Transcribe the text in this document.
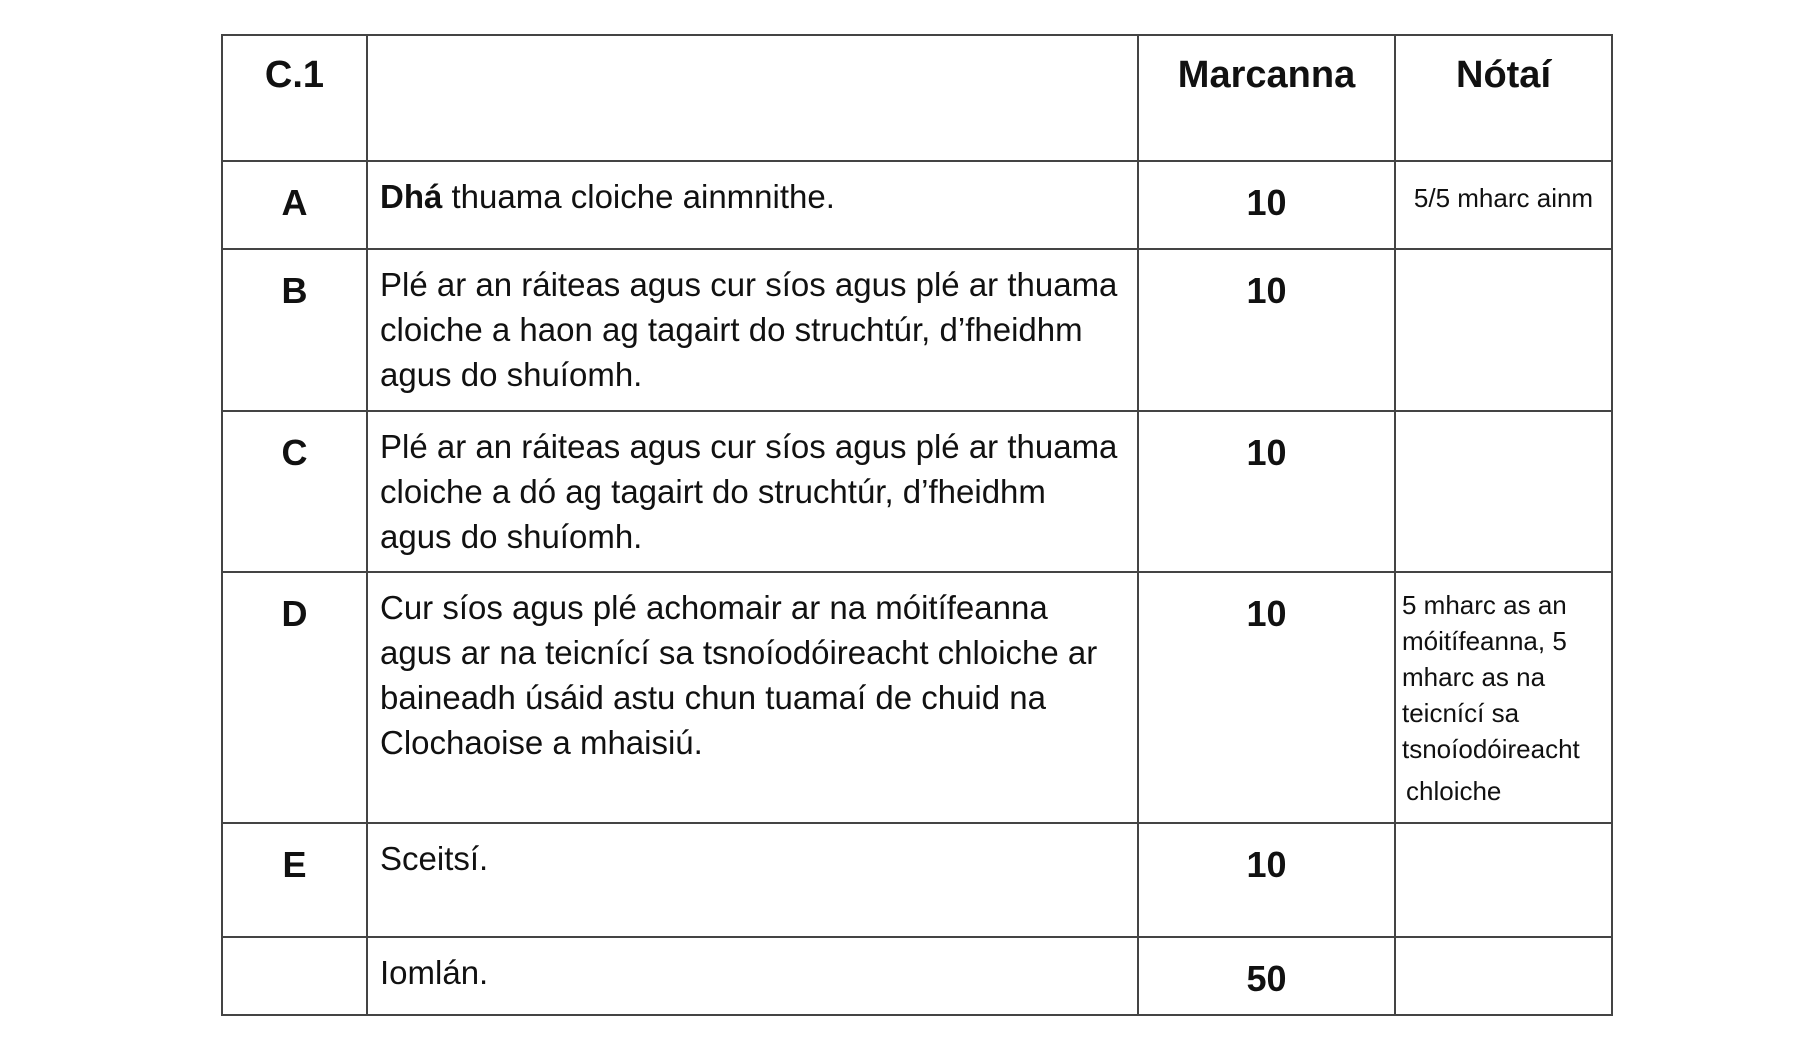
C.1		Marcanna	Nótaí

A	Dhá thuama cloiche ainmnithe.	10	5/5 mharc ainm

B	Plé ar an ráiteas agus cur síos agus plé ar thuama cloiche a haon ag tagairt do struchtúr, d’fheidhm agus do shuíomh.	10	

C	Plé ar an ráiteas agus cur síos agus plé ar thuama cloiche a dó ag tagairt do struchtúr, d’fheidhm agus do shuíomh.	10	

D	Cur síos agus plé achomair ar na móitífeanna agus ar na teicnící sa tsnoíodóireacht chloiche ar baineadh úsáid astu chun tuamaí de chuid na Clochaoise a mhaisiú.	10	5 mharc as an móitífeanna, 5 mharc as na teicnící sa tsnoíodóireacht
chloiche

E	Sceitsí.	10	

	Iomlán.	50	
